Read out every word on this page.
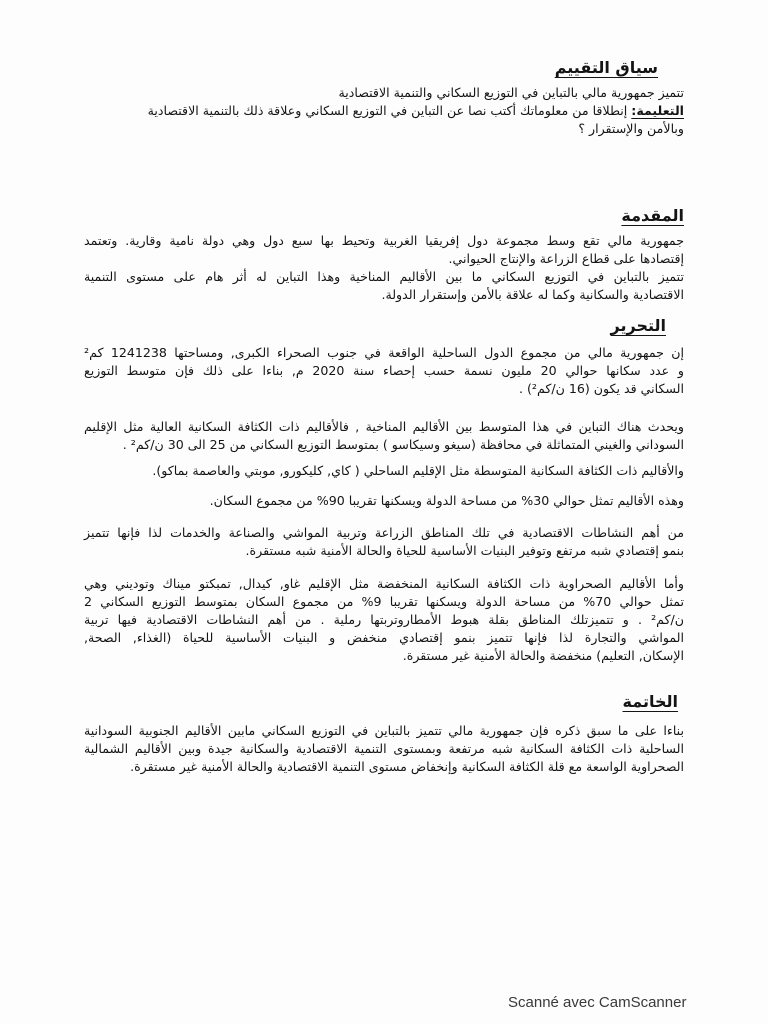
سياق التقييم
تتميز جمهورية مالي بالتباين في التوزيع السكاني والتنمية الاقتصادية
التعليمة: إنطلاقا من معلوماتك أكتب نصا عن التباين في التوزيع السكاني وعلاقة ذلك بالتنمية الاقتصادية
وبالأمن والإستقرار ؟
المقدمة
جمهورية مالي تقع وسط مجموعة دول إفريقيا الغربية وتحيط بها سبع دول وهي دولة نامية وقارية. وتعتمد
إقتصادها على قطاع الزراعة والإنتاج الحيواني.
تتميز بالتباين في التوزيع السكاني ما بين الأقاليم المناخية وهذا التباين له أثر هام على مستوى التنمية
الاقتصادية والسكانية وكما له علاقة بالأمن وإستقرار الدولة.
التحرير
إن جمهورية مالي من مجموع الدول الساحلية الواقعة في جنوب الصحراء الكبرى, ومساحتها 1241238 كم²
و عدد سكانها حوالي 20 مليون نسمة حسب إحصاء سنة 2020 م, بناءا على ذلك فإن متوسط التوزيع
السكاني قد يكون (16 ن/كم²) .
ويحدث هناك التباين في هذا المتوسط بين الأقاليم المناخية , فالأقاليم ذات الكثافة السكانية العالية مثل الإقليم
السوداني والغيني المتماثلة في محافظة (سيغو وسيكاسو ) بمتوسط التوزيع السكاني من 25 الى 30 ن/كم² .
والأقاليم ذات الكثافة السكانية المتوسطة مثل الإقليم الساحلي ( كاي, كليكورو, موبتي والعاصمة بماكو).
وهذه الأقاليم تمثل حوالي 30% من مساحة الدولة ويسكنها تقريبا 90% من مجموع السكان.
من أهم النشاطات الاقتصادية في تلك المناطق الزراعة وتربية المواشي والصناعة والخدمات لذا فإنها تتميز
بنمو إقتصادي شبه مرتفع وتوفير البنيات الأساسية للحياة والحالة الأمنية شبه مستقرة.
وأما الأقاليم الصحراوية ذات الكثافة السكانية المنخفضة مثل الإقليم غاو, كيدال, تمبكتو ميناك وتوديني وهي
تمثل حوالي 70% من مساحة الدولة ويسكنها تقريبا 9% من مجموع السكان بمتوسط التوزيع السكاني 2
ن/كم² . و تتميزتلك المناطق بقلة هبوط الأمطاروتربتها رملية . من أهم النشاطات الاقتصادية فيها تربية
المواشي والتجارة لذا فإنها تتميز بنمو إقتصادي منخفض و البنيات الأساسية للحياة (الغذاء, الصحة,
الإسكان, التعليم) منخفضة والحالة الأمنية غير مستقرة.
الخاتمة
بناءا على ما سبق ذكره فإن جمهورية مالي تتميز بالتباين في التوزيع السكاني مابين الأقاليم الجنوبية السودانية
الساحلية ذات الكثافة السكانية شبه مرتفعة وبمستوى التنمية الاقتصادية والسكانية جيدة وبين الأقاليم الشمالية
الصحراوية الواسعة مع قلة الكثافة السكانية وإنخفاض مستوى التنمية الاقتصادية والحالة الأمنية غير مستقرة.
Scanné avec CamScanner
